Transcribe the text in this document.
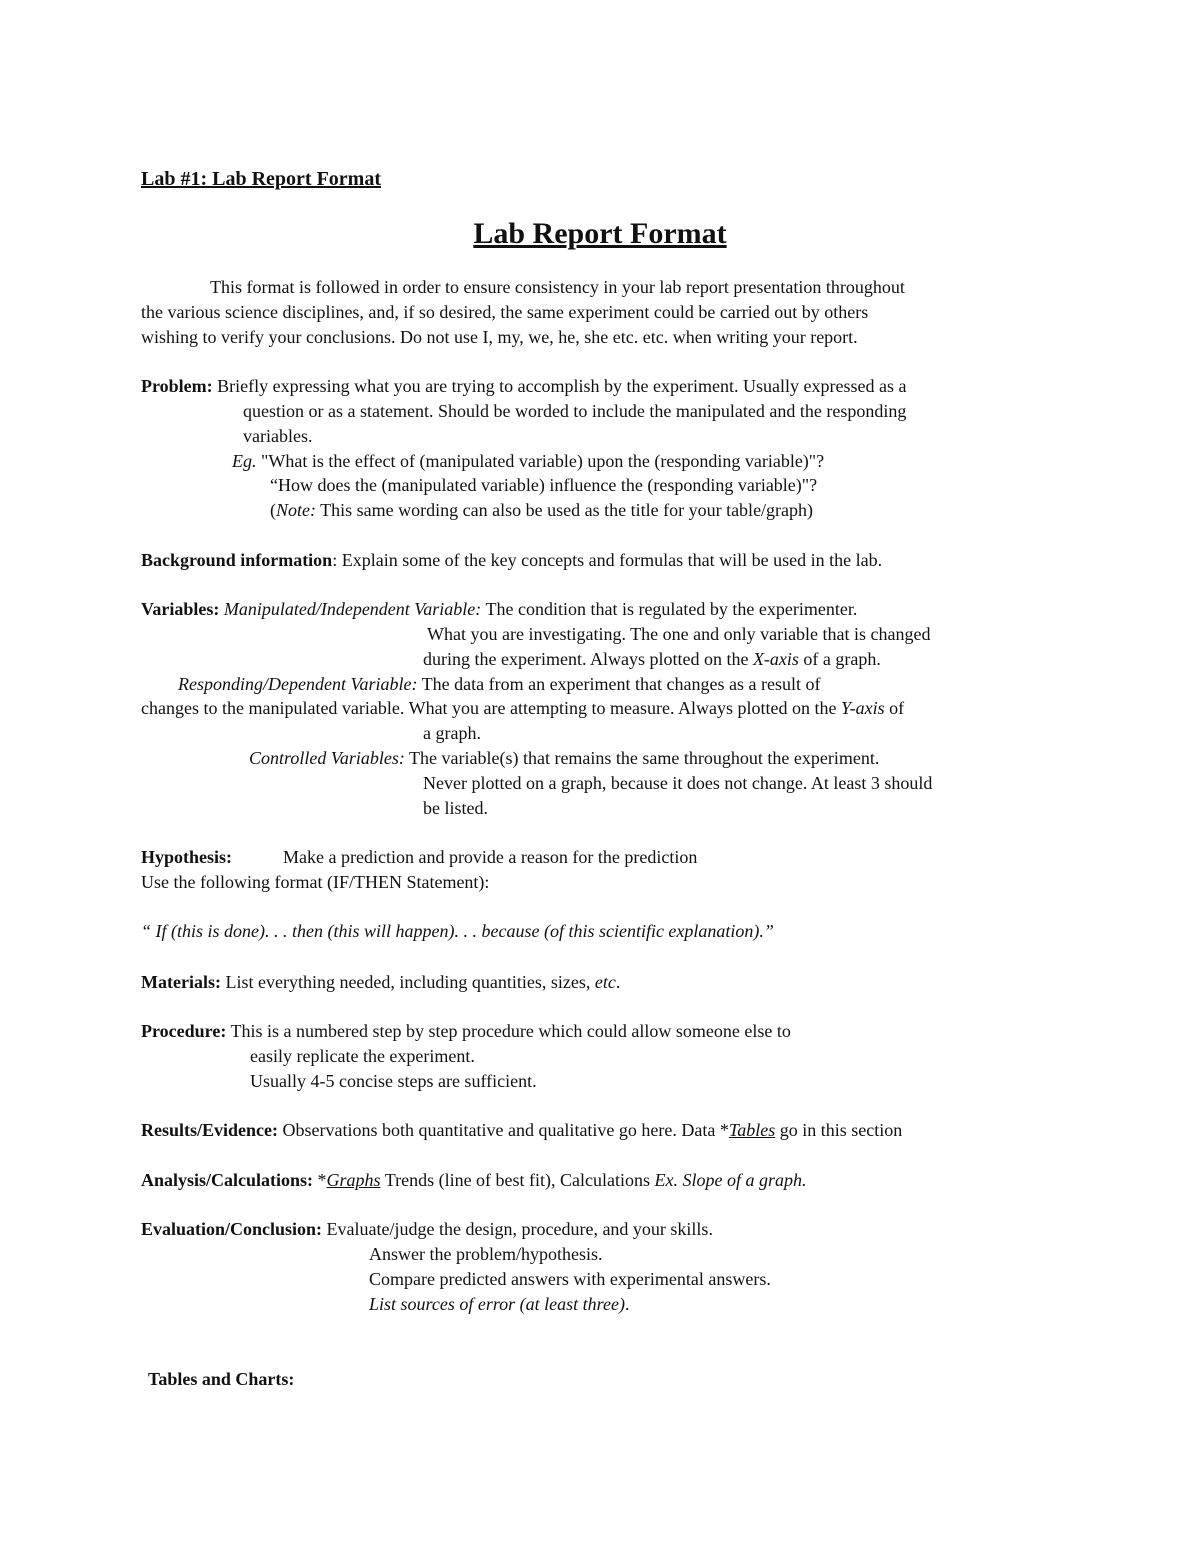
Lab #1: Lab Report Format
Lab Report Format
This format is followed in order to ensure consistency in your lab report presentation throughout
the various science disciplines, and, if so desired, the same experiment could be carried out by others
wishing to verify your conclusions. Do not use I, my, we, he, she etc. etc. when writing your report.
Problem: Briefly expressing what you are trying to accomplish by the experiment. Usually expressed as a
question or as a statement. Should be worded to include the manipulated and the responding
variables.
Eg. "What is the effect of (manipulated variable) upon the (responding variable)"?
“How does the (manipulated variable) influence the (responding variable)"?
(Note: This same wording can also be used as the title for your table/graph)
Background information: Explain some of the key concepts and formulas that will be used in the lab.
Variables: Manipulated/Independent Variable: The condition that is regulated by the experimenter.
What you are investigating. The one and only variable that is changed
during the experiment. Always plotted on the X-axis of a graph.
Responding/Dependent Variable: The data from an experiment that changes as a result of
changes to the manipulated variable. What you are attempting to measure. Always plotted on the Y-axis of
a graph.
Controlled Variables: The variable(s) that remains the same throughout the experiment.
Never plotted on a graph, because it does not change. At least 3 should
be listed.
Hypothesis:	Make a prediction and provide a reason for the prediction
Use the following format (IF/THEN Statement):
“ If (this is done). . . then (this will happen). . . because (of this scientific explanation).”
Materials: List everything needed, including quantities, sizes, etc.
Procedure: This is a numbered step by step procedure which could allow someone else to
easily replicate the experiment.
Usually 4-5 concise steps are sufficient.
Results/Evidence: Observations both quantitative and qualitative go here. Data *Tables go in this section
Analysis/Calculations: *Graphs Trends (line of best fit), Calculations Ex. Slope of a graph.
Evaluation/Conclusion: Evaluate/judge the design, procedure, and your skills.
Answer the problem/hypothesis.
Compare predicted answers with experimental answers.
List sources of error (at least three).
Tables and Charts:
